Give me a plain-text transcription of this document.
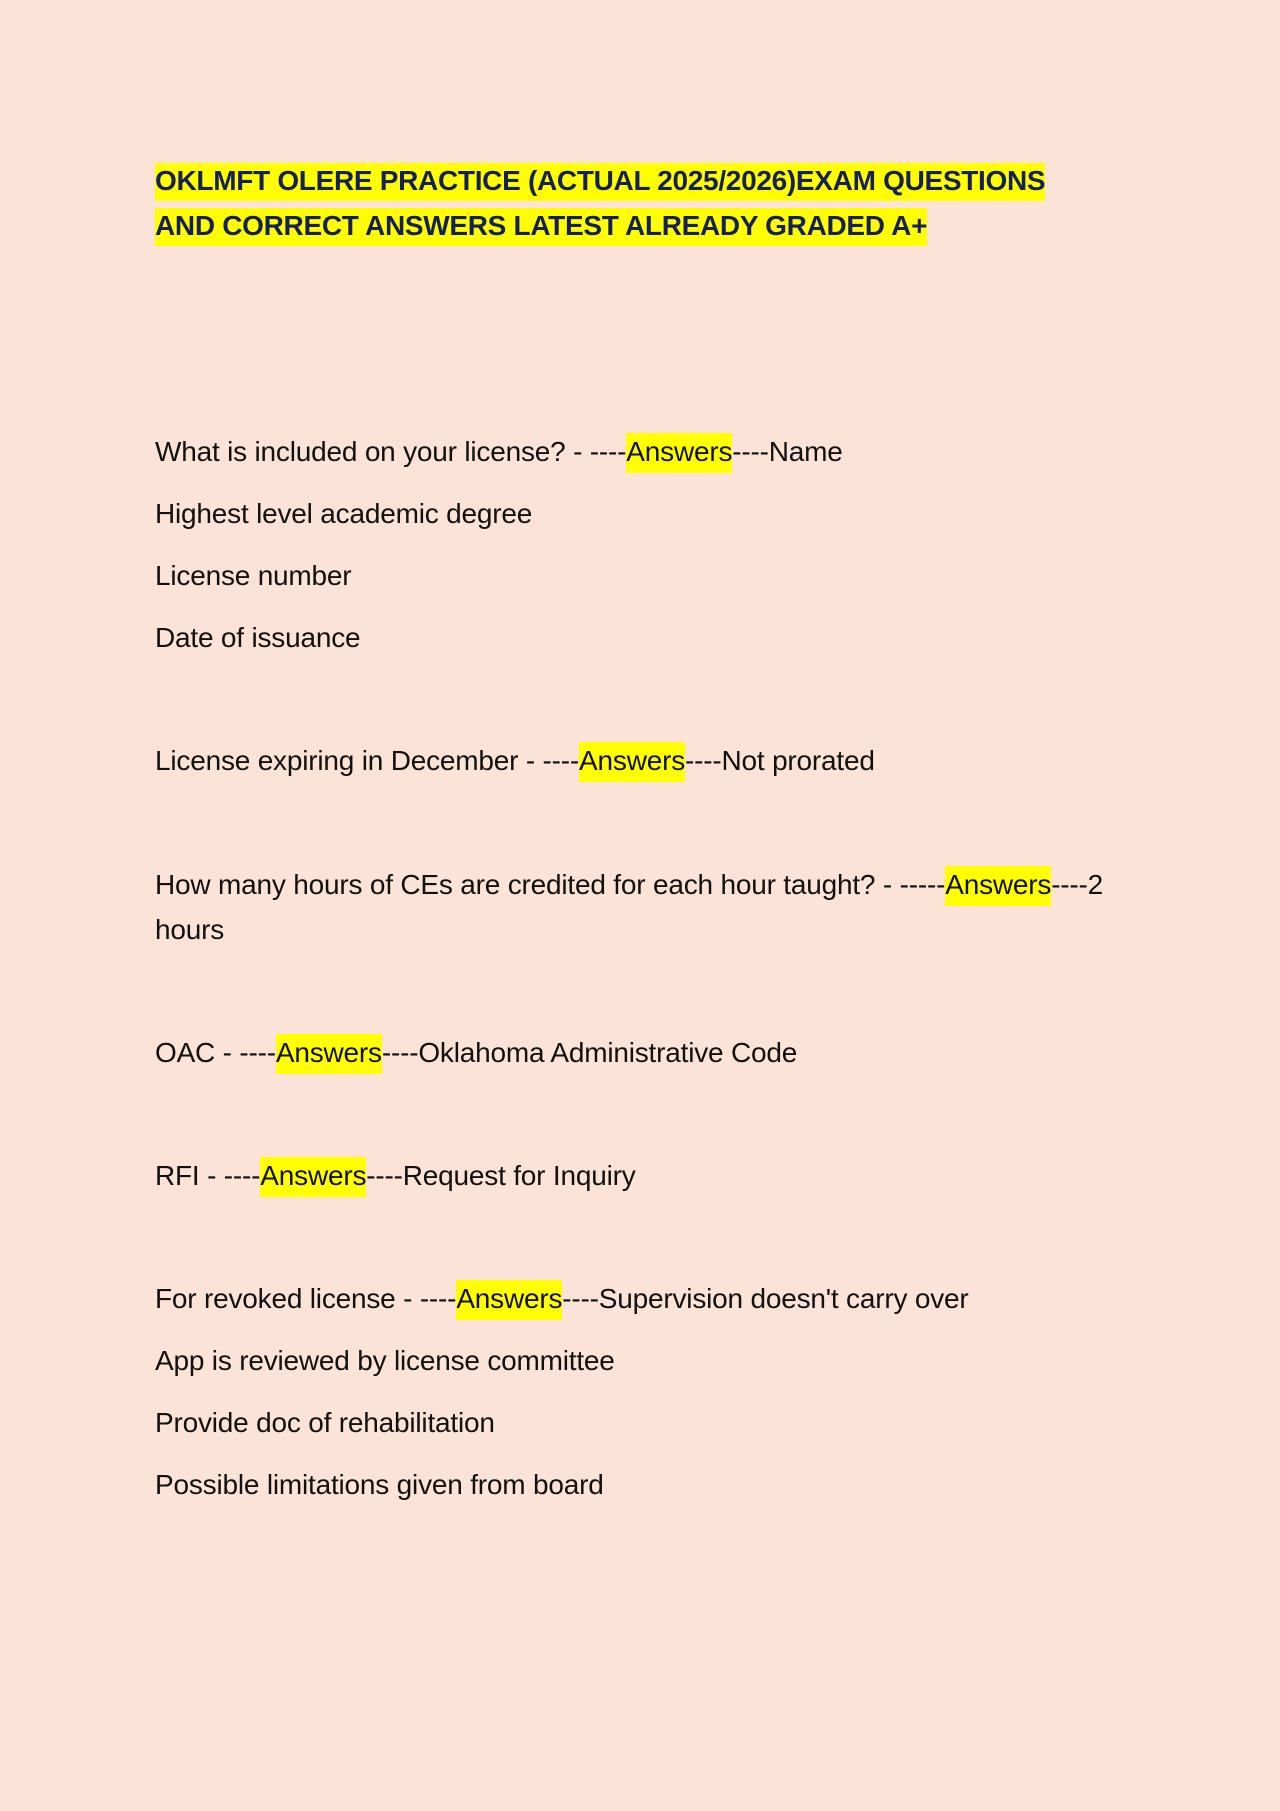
OKLMFT OLERE PRACTICE (ACTUAL 2025/2026)EXAM QUESTIONS AND CORRECT ANSWERS LATEST ALREADY GRADED A+
What is included on your license? - ----Answers----Name
Highest level academic degree
License number
Date of issuance
License expiring in December - ----Answers----Not prorated
How many hours of CEs are credited for each hour taught? - -----Answers----2 hours
OAC - ----Answers----Oklahoma Administrative Code
RFI - ----Answers----Request for Inquiry
For revoked license - ----Answers----Supervision doesn't carry over
App is reviewed by license committee
Provide doc of rehabilitation
Possible limitations given from board
